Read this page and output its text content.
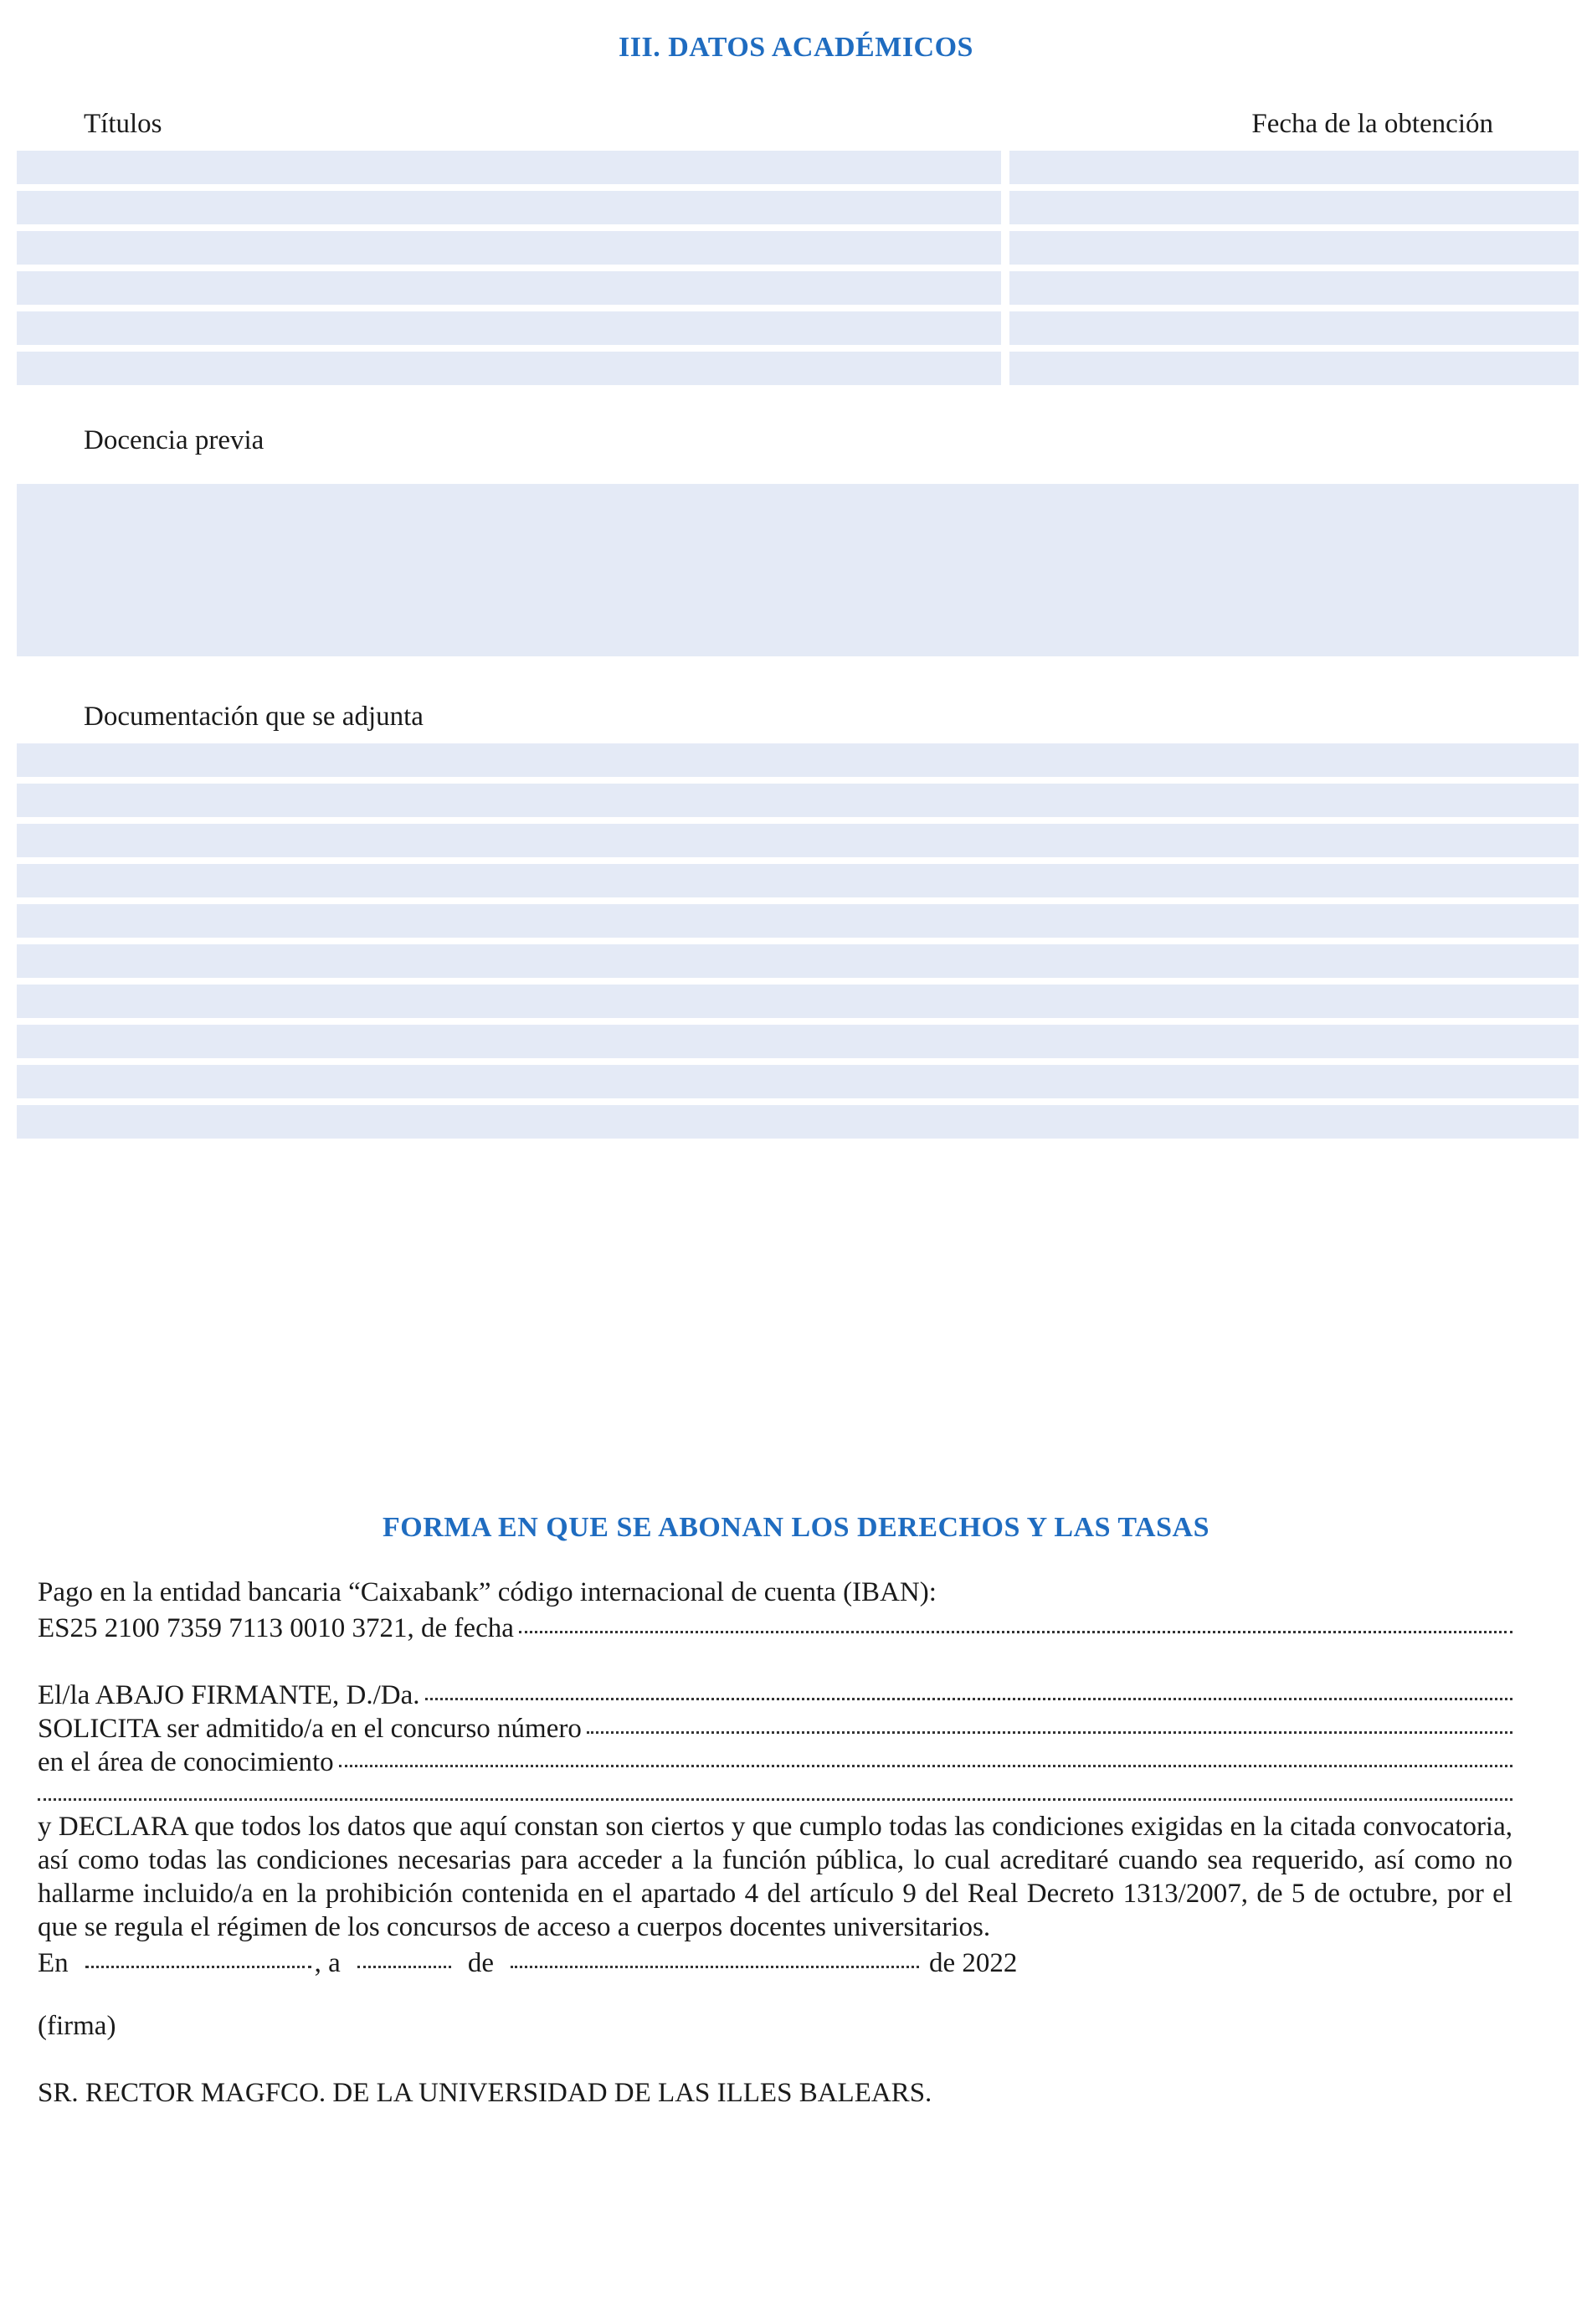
III. DATOS ACADÉMICOS
Títulos	Fecha de la obtención
Docencia previa
Documentación que se adjunta
FORMA EN QUE SE ABONAN LOS DERECHOS Y LAS TASAS
Pago en la entidad bancaria “Caixabank” código internacional de cuenta (IBAN):
ES25 2100 7359 7113 0010 3721, de fecha
El/la ABAJO FIRMANTE, D./Da.
SOLICITA ser admitido/a en el concurso número
en el área de conocimiento
y DECLARA que todos los datos que aquí constan son ciertos y que cumplo todas las condiciones exigidas en la citada convocatoria, así como todas las condiciones necesarias para acceder a la función pública, lo cual acreditaré cuando sea requerido, así como no hallarme incluido/a en la prohibición contenida en el apartado 4 del artículo 9 del Real Decreto 1313/2007, de 5 de octubre, por el que se regula el régimen de los concursos de acceso a cuerpos docentes universitarios.
En	, a	de	de 2022
(firma)
SR. RECTOR MAGFCO. DE LA UNIVERSIDAD DE LAS ILLES BALEARS.
